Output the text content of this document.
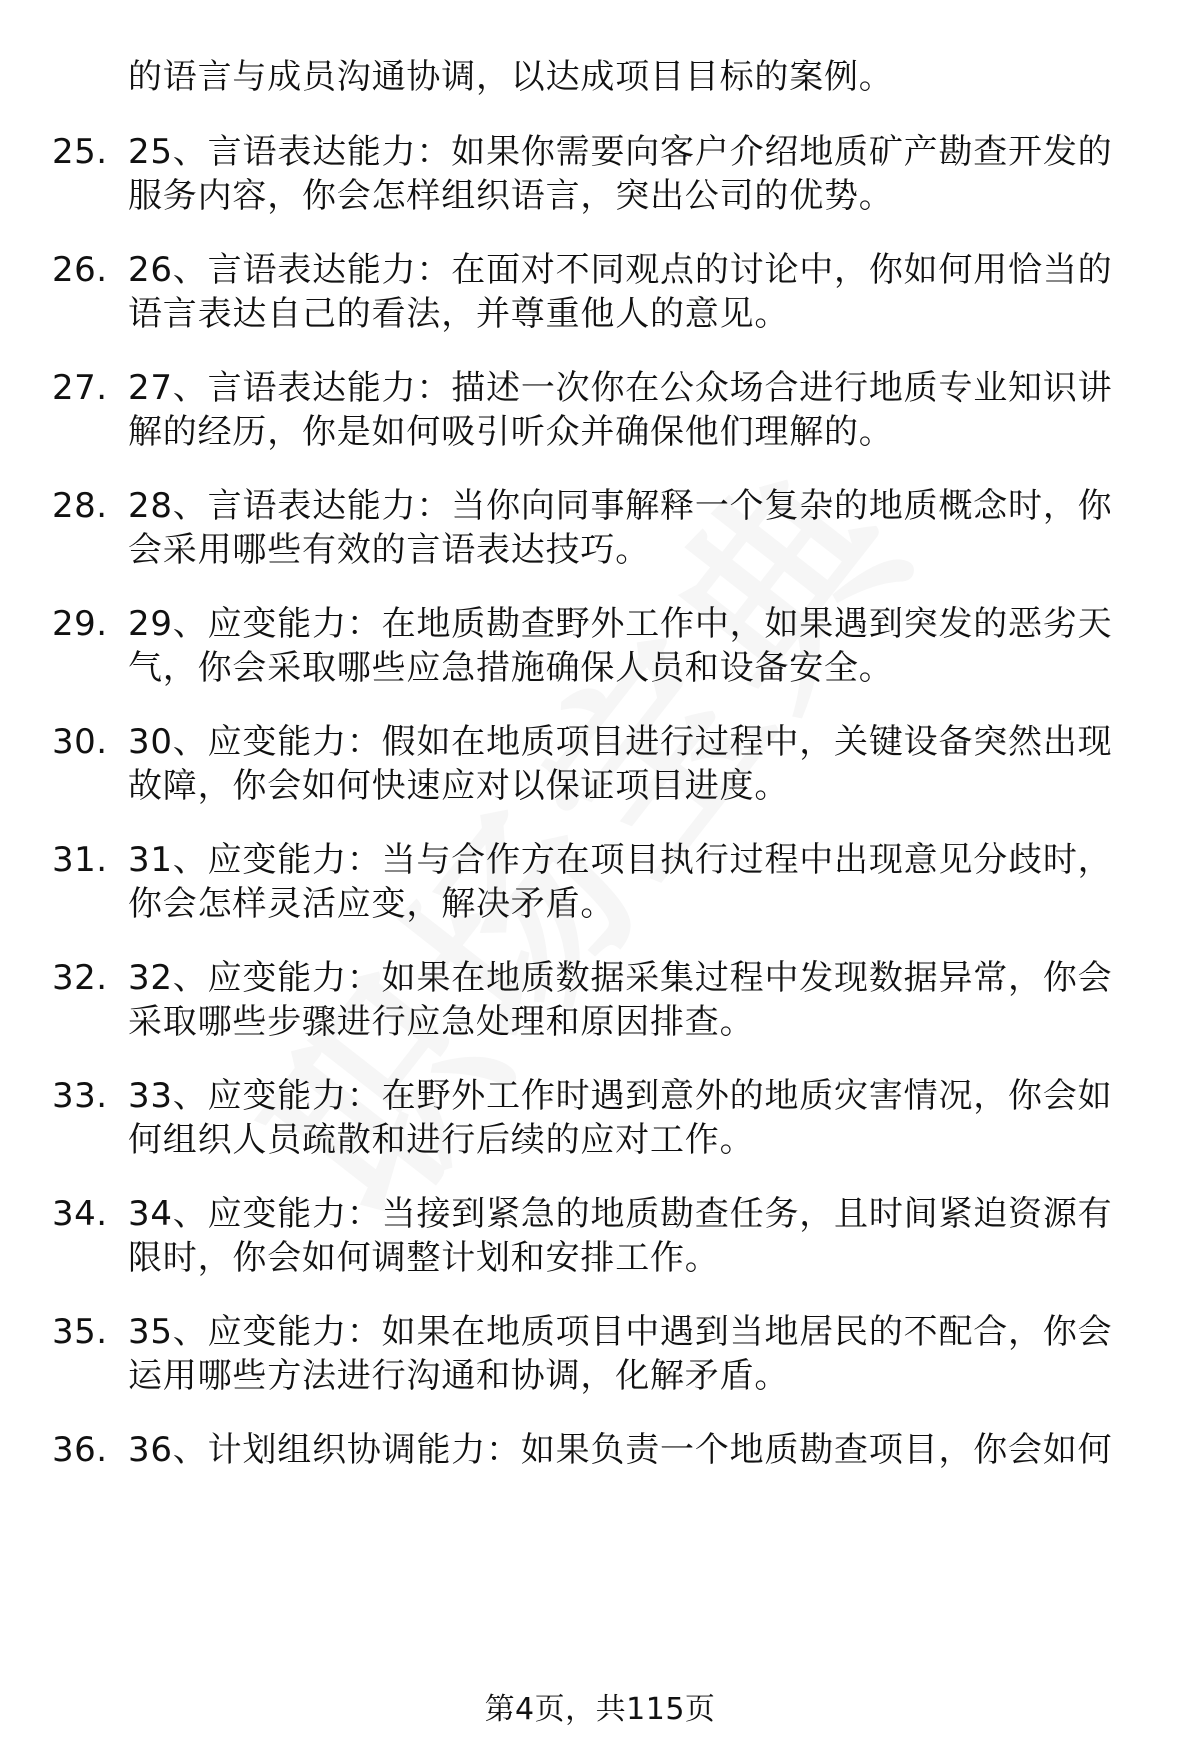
的语言与成员沟通协调，以达成项目目标的案例。
25. 25、言语表达能力：如果你需要向客户介绍地质矿产勘查开发的
服务内容，你会怎样组织语言，突出公司的优势。
26. 26、言语表达能力：在面对不同观点的讨论中，你如何用恰当的
语言表达自己的看法，并尊重他人的意见。
27. 27、言语表达能力：描述一次你在公众场合进行地质专业知识讲
解的经历，你是如何吸引听众并确保他们理解的。
28. 28、言语表达能力：当你向同事解释一个复杂的地质概念时，你
会采用哪些有效的言语表达技巧。
29. 29、应变能力：在地质勘查野外工作中，如果遇到突发的恶劣天
气，你会采取哪些应急措施确保人员和设备安全。
30. 30、应变能力：假如在地质项目进行过程中，关键设备突然出现
故障，你会如何快速应对以保证项目进度。
31. 31、应变能力：当与合作方在项目执行过程中出现意见分歧时，
你会怎样灵活应变，解决矛盾。
32. 32、应变能力：如果在地质数据采集过程中发现数据异常，你会
采取哪些步骤进行应急处理和原因排查。
33. 33、应变能力：在野外工作时遇到意外的地质灾害情况，你会如
何组织人员疏散和进行后续的应对工作。
34. 34、应变能力：当接到紧急的地质勘查任务，且时间紧迫资源有
限时，你会如何调整计划和安排工作。
35. 35、应变能力：如果在地质项目中遇到当地居民的不配合，你会
运用哪些方法进行沟通和协调，化解矛盾。
36. 36、计划组织协调能力：如果负责一个地质勘查项目，你会如何
第4页，共115页
